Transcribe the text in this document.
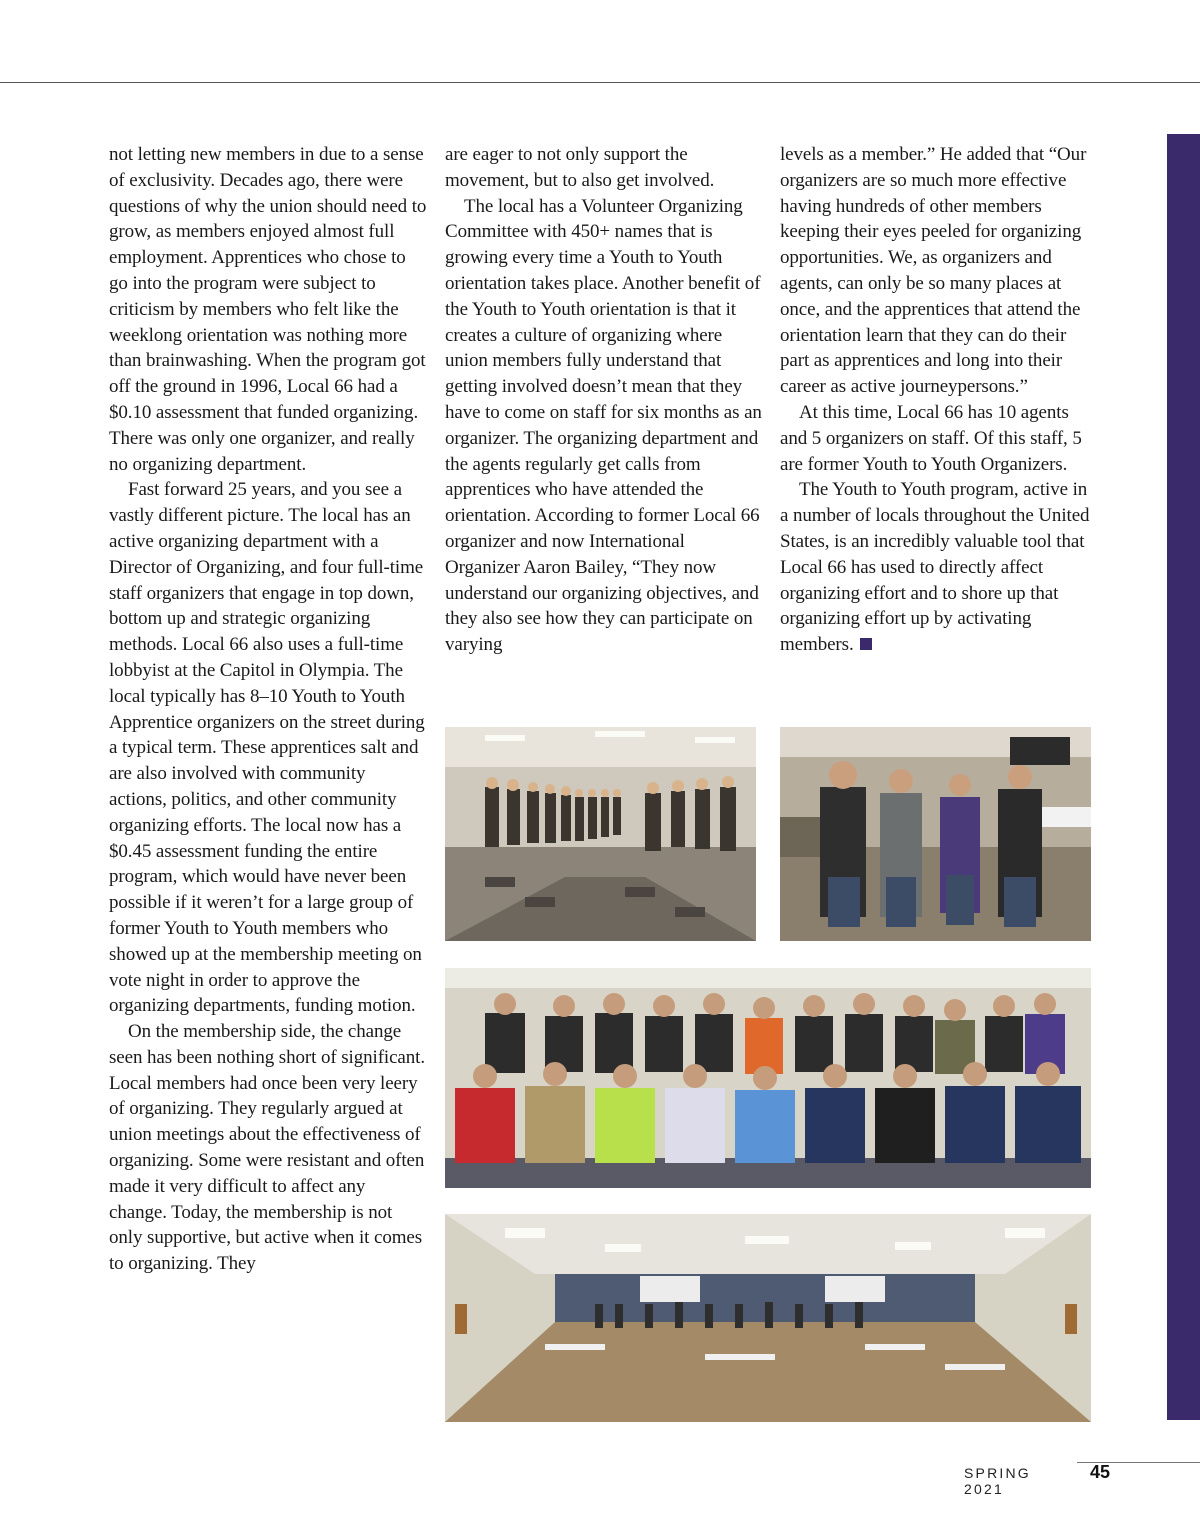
not letting new members in due to a sense of exclusivity. Decades ago, there were questions of why the union should need to grow, as members enjoyed almost full employment. Apprentices who chose to go into the program were subject to criticism by members who felt like the weeklong orientation was nothing more than brainwashing. When the program got off the ground in 1996, Local 66 had a $0.10 assessment that funded organizing. There was only one organizer, and really no organizing department.

Fast forward 25 years, and you see a vastly different picture. The local has an active organizing department with a Director of Organizing, and four full-time staff organizers that engage in top down, bottom up and strategic organizing methods. Local 66 also uses a full-time lobbyist at the Capitol in Olympia. The local typically has 8–10 Youth to Youth Apprentice organizers on the street during a typical term. These apprentices salt and are also involved with community actions, politics, and other community organizing efforts. The local now has a $0.45 assessment funding the entire program, which would have never been possible if it weren’t for a large group of former Youth to Youth members who showed up at the membership meeting on vote night in order to approve the organizing departments, funding motion.

On the membership side, the change seen has been nothing short of significant. Local members had once been very leery of organizing. They regularly argued at union meetings about the effectiveness of organizing. Some were resistant and often made it very difficult to affect any change. Today, the membership is not only supportive, but active when it comes to organizing. They

are eager to not only support the movement, but to also get involved.

The local has a Volunteer Organizing Committee with 450+ names that is growing every time a Youth to Youth orientation takes place. Another benefit of the Youth to Youth orientation is that it creates a culture of organizing where union members fully understand that getting involved doesn’t mean that they have to come on staff for six months as an organizer. The organizing department and the agents regularly get calls from apprentices who have attended the orientation. According to former Local 66 organizer and now International Organizer Aaron Bailey, “They now understand our organizing objectives, and they also see how they can participate on varying

levels as a member.” He added that “Our organizers are so much more effective having hundreds of other members keeping their eyes peeled for organizing opportunities. We, as organizers and agents, can only be so many places at once, and the apprentices that attend the orientation learn that they can do their part as apprentices and long into their career as active journeypersons.”

At this time, Local 66 has 10 agents and 5 organizers on staff. Of this staff, 5 are former Youth to Youth Organizers.

The Youth to Youth program, active in a number of locals throughout the United States, is an incredibly valuable tool that Local 66 has used to directly affect organizing effort and to shore up that organizing effort up by activating members.

SPRING 2021
45
